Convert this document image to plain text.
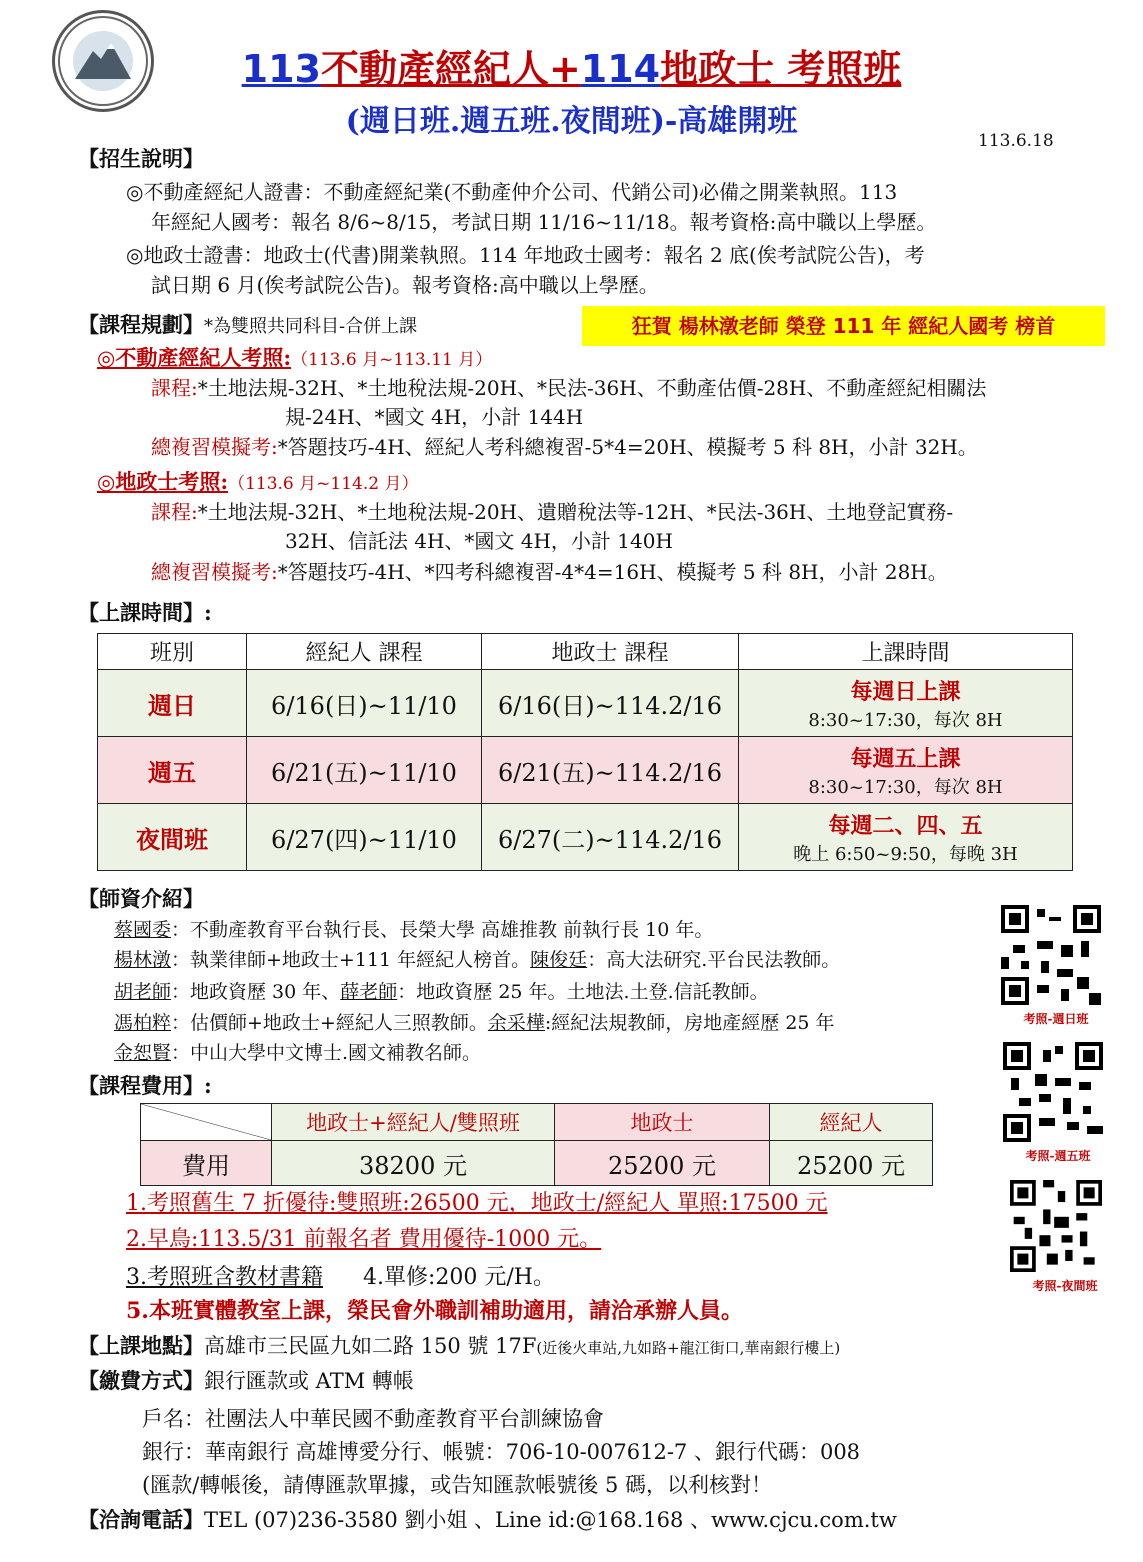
113不動產經紀人+114地政士 考照班
(週日班.週五班.夜間班)-高雄開班
113.6.18
【招生說明】
◎不動產經紀人證書：不動產經紀業(不動產仲介公司、代銷公司)必備之開業執照。113
年經紀人國考：報名 8/6~8/15，考試日期 11/16~11/18。報考資格:高中職以上學歷。
◎地政士證書：地政士(代書)開業執照。114 年地政士國考：報名 2 底(俟考試院公告)，考
試日期 6 月(俟考試院公告)。報考資格:高中職以上學歷。
【課程規劃】*為雙照共同科目-合併上課	狂賀 楊林潡老師 榮登 111 年 經紀人國考 榜首
◎不動產經紀人考照:（113.6 月~113.11 月）
課程:*土地法規-32H、*土地稅法規-20H、*民法-36H、不動產估價-28H、不動產經紀相關法
規-24H、*國文 4H，小計 144H
總複習模擬考:*答題技巧-4H、經紀人考科總複習-5*4=20H、模擬考 5 科 8H，小計 32H。
◎地政士考照:（113.6 月~114.2 月）
課程:*土地法規-32H、*土地稅法規-20H、遺贈稅法等-12H、*民法-36H、土地登記實務-
32H、信託法 4H、*國文 4H，小計 140H
總複習模擬考:*答題技巧-4H、*四考科總複習-4*4=16H、模擬考 5 科 8H，小計 28H。
【上課時間】:
班別	經紀人 課程	地政士 課程	上課時間
週日	6/16(日)~11/10	6/16(日)~114.2/16	每週日上課
8:30~17:30，每次 8H

週五	6/21(五)~11/10	6/21(五)~114.2/16	每週五上課
8:30~17:30，每次 8H

夜間班	6/27(四)~11/10	6/27(二)~114.2/16	每週二、四、五
晚上 6:50~9:50，每晚 3H
【師資介紹】
蔡國委：不動產教育平台執行長、長榮大學 高雄推教 前執行長 10 年。
楊林潡：執業律師+地政士+111 年經紀人榜首。陳俊廷：高大法研究.平台民法教師。
胡老師：地政資歷 30 年、薛老師：地政資歷 25 年。土地法.土登.信託教師。
馮柏粹：估價師+地政士+經紀人三照教師。余采樺:經紀法規教師，房地產經歷 25 年
金恕賢：中山大學中文博士.國文補教名師。
考照-週日班
考照-週五班
考照-夜間班
【課程費用】:
	地政士+經紀人/雙照班	地政士	經紀人
費用	38200 元	25200 元	25200 元
1.考照舊生 7 折優待:雙照班:26500 元，地政士/經紀人 單照:17500 元
2.早鳥:113.5/31 前報名者 費用優待-1000 元。
3.考照班含教材書籍 4.單修:200 元/H。
5.本班實體教室上課，榮民會外職訓補助適用，請洽承辦人員。
【上課地點】高雄市三民區九如二路 150 號 17F(近後火車站,九如路+龍江街口,華南銀行樓上)
【繳費方式】銀行匯款或 ATM 轉帳
戶名：社團法人中華民國不動產教育平台訓練協會
銀行：華南銀行 高雄博愛分行、帳號：706-10-007612-7 、銀行代碼：008
(匯款/轉帳後，請傳匯款單據，或告知匯款帳號後 5 碼，以利核對！
【洽詢電話】TEL (07)236-3580 劉小姐 、Line id:@168.168 、www.cjcu.com.tw
